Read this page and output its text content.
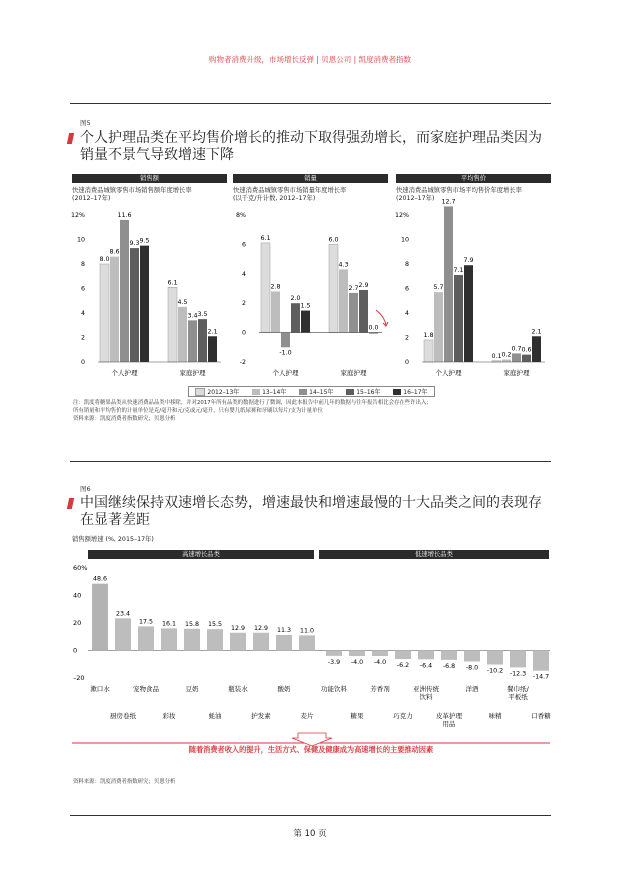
购物者消费升级，市场增长反弹 | 贝恩公司 | 凯度消费者指数
图5
个人护理品类在平均售价增长的推动下取得强劲增长，而家庭护理品类因为销量不景气导致增速下降
销售额	销量	平均售价
快速消费品城镇零售市场销售额年度增长率
(2012–17年)
快速消费品城镇零售市场销量年度增长率
(以千克/升计数, 2012–17年)
快速消费品城镇零售市场平均售价年度增长率
(2012–17年)
12%
10
8
6
4
2
0
8.0
8.6
11.6
9.3 9.5
个人护理
6.1
4.5
3.4 3.5
2.1
家庭护理
8%
6
4
2
0
-2
6.1
2.8
-1.0
2.0
1.5
个人护理
6.0
4.3
2.7 2.9
0.0
家庭护理
12%
10
8
6
4
2
0
1.8
5.7
12.7
7.1
7.9
个人护理
0.1 0.2
0.7 0.6
2.1
家庭护理
2012–13年	13–14年	14–15年	15–16年	16–17年
注：凯度将糖果品类从快速消费品品类中移除，并对2017年所有品类的数据进行了微调，因此本报告中前几年的数据与往年报告相比会存在些许出入；
所有销量和平均售价的计量单位是克/毫升和元/克或元/毫升，只有婴儿纸尿裤和牙刷以每片/支为计量单位
资料来源：凯度消费者指数研究；贝恩分析
图6
中国继续保持双速增长态势，增速最快和增速最慢的十大品类之间的表现存在显著差距
销售额增速 (%, 2015–17年)
高速增长品类	低速增长品类
60%
40
20
0
–20
48.6
漱口水
23.4
厨房卷纸
17.5
宠物食品
16.1
彩妆
15.8
豆奶
15.5
蚝油
12.9
瓶装水
12.9
护发素
11.3
酸奶
11.0
麦片
-3.9
功能饮料
-4.0
糖果
-4.0
芳香剂
-6.2
巧克力
-6.4
亚洲传统
饮料
-6.8
皮革护理
用品
-8.0
洋酒
-10.2
味精
-12.3
餐巾纸/
平板纸
-14.7
口香糖
随着消费者收入的提升，生活方式、保健及健康成为高速增长的主要推动因素
资料来源：凯度消费者指数研究；贝恩分析
第 10 页
